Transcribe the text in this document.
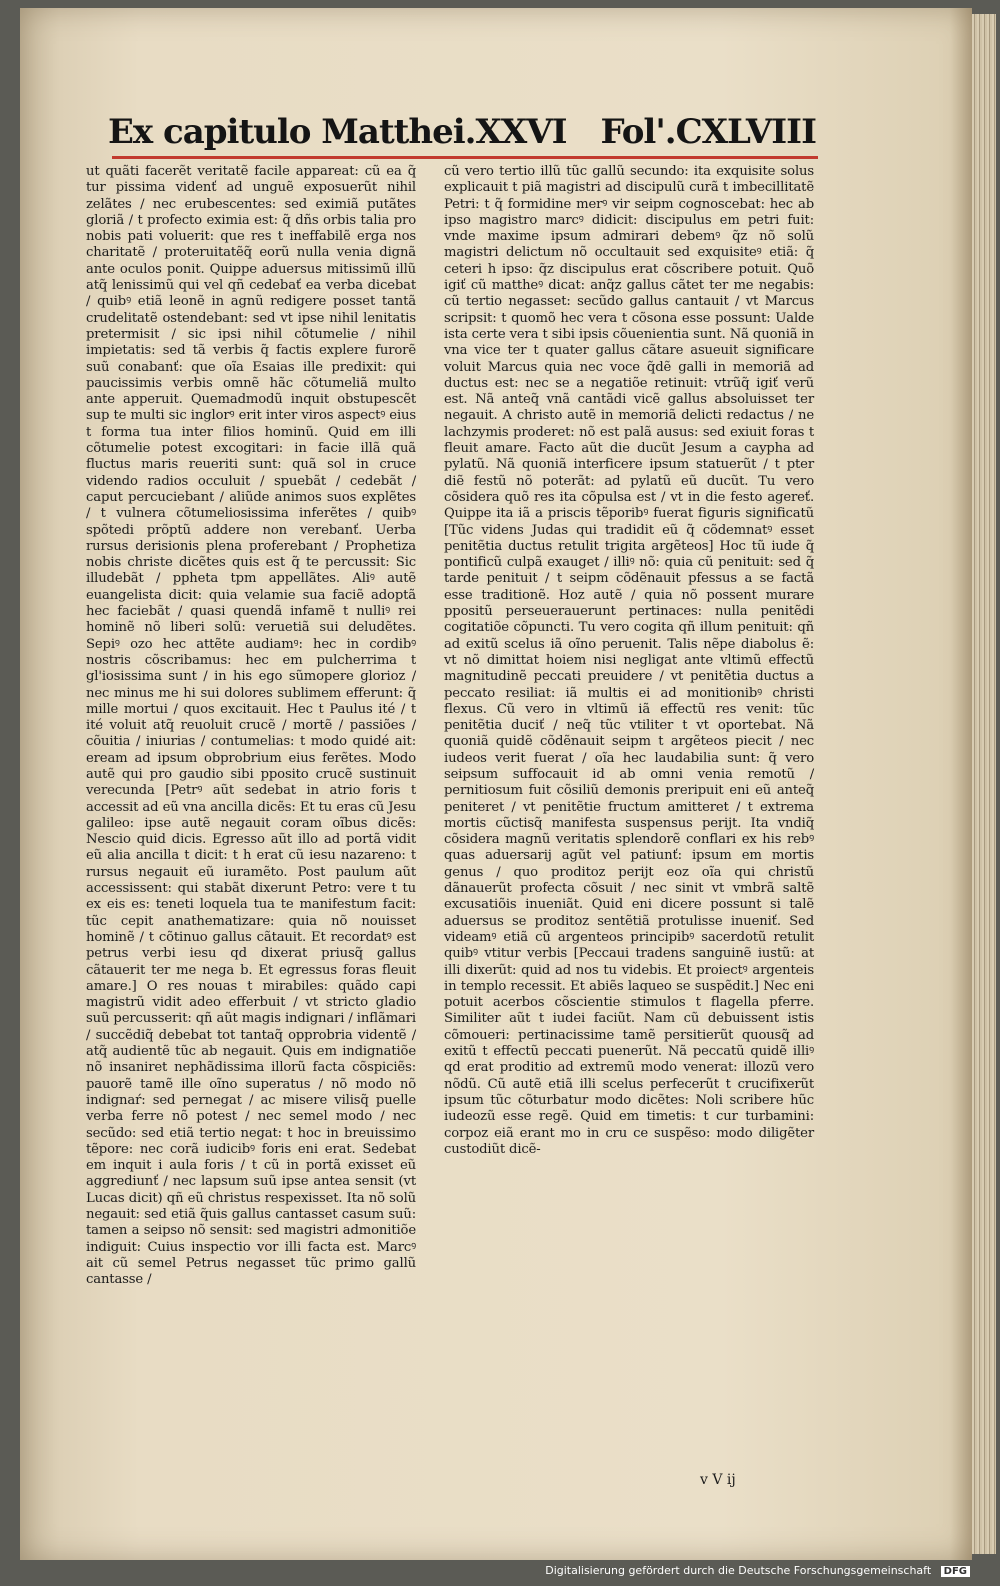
Ex capitulo Matthei.XXVI Fol'.CXLVIII
ut quãti facerẽt veritatẽ facile appareat: cũ ea q̃ tur pissima videnť ad unguẽ exposuerũt nihil zelãtes / nec erubescentes: sed eximiã putãtes gloriã / t profecto eximia est: q̃ dñs orbis talia pro nobis pati voluerit: que res t ineffabilẽ erga nos charitatẽ / proteruitatẽq̃ eorũ nulla venia dignã ante oculos ponit. Quippe aduersus mitissimũ illũ atq̃ lenissimũ qui vel qñ cedebať ea verba dicebat / quibꝰ etiã leonẽ in agnũ redigere posset tantã crudelitatẽ ostendebant: sed vt ipse nihil lenitatis pretermisit / sic ipsi nihil cõtumelie / nihil impietatis: sed tã verbis q̃ factis explere furorẽ suũ conabanť: que oĩa Esaias ille predixit: qui paucissimis verbis omnẽ hãc cõtumeliã multo ante apperuit. Quemadmodũ inquit obstupescẽt sup te multi sic inglorꝰ erit inter viros aspectꝰ eius t forma tua inter filios hominũ. Quid em illi cõtumelie potest excogitari: in facie illã quã fluctus maris reueriti sunt: quã sol in cruce videndo radios occuluit / spuebãt / cedebãt / caput percuciebant / aliũde animos suos explẽtes / t vulnera cõtumeliosissima inferẽtes / quibꝰ spõtedi prõptũ addere non verebanť. Uerba rursus derisionis plena proferebant / Prophetiza nobis christe dicẽtes quis est q̃ te percussit: Sic illudebãt / ppheta tpm appellãtes. Aliꝰ autẽ euangelista dicit: quia velamie sua faciẽ adoptã hec faciebãt / quasi quendã infamẽ t nulliꝰ rei hominẽ nõ liberi solũ: veruetiã sui deludẽtes. Sepiꝰ ozo hec attẽte audiamꝰ: hec in cordibꝰ nostris cõscribamus: hec em pulcherrima t gl'iosissima sunt / in his ego sũmopere glorioz / nec minus me hi sui dolores sublimem efferunt: q̃ mille mortui / quos excitauit. Hec t Paulus ité / t ité voluit atq̃ reuoluit crucẽ / mortẽ / passiões / cõuitia / iniurias / contumelias: t modo quidé ait: eream ad ipsum obprobrium eius ferẽtes. Modo autẽ qui pro gaudio sibi pposito crucẽ sustinuit verecunda [Petrꝰ aũt sedebat in atrio foris t accessit ad eũ vna ancilla dicẽs: Et tu eras cũ Jesu galileo: ipse autẽ negauit coram oĩbus dicẽs: Nescio quid dicis. Egresso aũt illo ad portã vidit eũ alia ancilla t dicit: t h erat cũ iesu nazareno: t rursus negauit eũ iuramẽto. Post paulum aũt accessissent: qui stabãt dixerunt Petro: vere t tu ex eis es: teneti loquela tua te manifestum facit: tũc cepit anathematizare: quia nõ nouisset hominẽ / t cõtinuo gallus cãtauit. Et recordatꝰ est petrus verbi iesu qd dixerat priusq̃ gallus cãtauerit ter me nega b. Et egressus foras fleuit amare.] O res nouas t mirabiles: quãdo capi magistrũ vidit adeo efferbuit / vt stricto gladio suũ percusserit: qñ aũt magis indignari / inflãmari / succẽdiq̃ debebat tot tantaq̃ opprobria videntẽ / atq̃ audientẽ tũc ab negauit. Quis em indignatiõe nõ insaniret nephãdissima illorũ facta cõspiciẽs: pauorẽ tamẽ ille oĩno superatus / nõ modo nõ indignaŕ: sed pernegat / ac misere vilisq̃ puelle verba ferre nõ potest / nec semel modo / nec secũdo: sed etiã tertio negat: t hoc in breuissimo tẽpore: nec corã iudicibꝰ foris eni erat. Sedebat em inquit i aula foris / t cũ in portã exisset eũ aggrediunť / nec lapsum suũ ipse antea sensit (vt Lucas dicit) qñ eũ christus respexisset. Ita nõ solũ negauit: sed etiã q̃uis gallus cantasset casum suũ: tamen a seipso nõ sensit: sed magistri admonitiõe indiguit: Cuius inspectio vor illi facta est. Marcꝰ ait cũ semel Petrus negasset tũc primo gallũ cantasse /
cũ vero tertio illũ tũc gallũ secundo: ita exquisite solus explicauit t piã magistri ad discipulũ curã t imbecillitatẽ Petri: t q̃ formidine merꝰ vir seipm cognoscebat: hec ab ipso magistro marcꝰ didicit: discipulus em petri fuit: vnde maxime ipsum admirari debemꝰ q̃z nõ solũ magistri delictum nõ occultauit sed exquisiteꝰ etiã: q̃ ceteri h ipso: q̃z discipulus erat cõscribere potuit. Quõ igiť cũ mattheꝰ dicat: anq̃z gallus cãtet ter me negabis: cũ tertio negasset: secũdo gallus cantauit / vt Marcus scripsit: t quomõ hec vera t cõsona esse possunt: Ualde ista certe vera t sibi ipsis cõuenientia sunt. Nã quoniã in vna vice ter t quater gallus cãtare asueuit significare voluit Marcus quia nec voce q̃dẽ galli in memoriã ad ductus est: nec se a negatiõe retinuit: vtrũq̃ igiť verũ est. Nã anteq̃ vnã cantãdi vicẽ gallus absoluisset ter negauit. A christo autẽ in memoriã delicti redactus / ne lachzymis proderet: nõ est palã ausus: sed exiuit foras t fleuit amare. Facto aũt die ducũt Jesum a caypha ad pylatũ. Nã quoniã interficere ipsum statuerũt / t pter diẽ festũ nõ poterãt: ad pylatũ eũ ducũt. Tu vero cõsidera quõ res ita cõpulsa est / vt in die festo agereť. Quippe ita iã a priscis tẽporibꝰ fuerat figuris significatũ [Tũc videns Judas qui tradidit eũ q̃ cõdemnatꝰ esset penitẽtia ductus retulit trigita argẽteos] Hoc tũ iude q̃ pontificũ culpã exauget / illiꝰ nõ: quia cũ penituit: sed q̃ tarde penituit / t seipm cõdẽnauit pfessus a se factã esse traditionẽ. Hoz autẽ / quia nõ possent murare ppositũ perseuerauerunt pertinaces: nulla penitẽdi cogitatiõe cõpuncti. Tu vero cogita qñ illum penituit: qñ ad exitũ scelus iã oĩno peruenit. Talis nẽpe diabolus ẽ: vt nõ dimittat hoiem nisi negligat ante vltimũ effectũ magnitudinẽ peccati preuidere / vt penitẽtia ductus a peccato resiliat: iã multis ei ad monitionibꝰ christi flexus. Cũ vero in vltimũ iã effectũ res venit: tũc penitẽtia duciť / neq̃ tũc vtiliter t vt oportebat. Nã quoniã quidẽ cõdẽnauit seipm t argẽteos piecit / nec iudeos verit fuerat / oĩa hec laudabilia sunt: q̃ vero seipsum suffocauit id ab omni venia remotũ / pernitiosum fuit cõsiliũ demonis preripuit eni eũ anteq̃ peniteret / vt penitẽtie fructum amitteret / t extrema mortis cũctisq̃ manifesta suspensus perijt. Ita vndiq̃ cõsidera magnũ veritatis splendorẽ conflari ex his rebꝰ quas aduersarij agũt vel patiunť: ipsum em mortis genus / quo proditoz perijt eoz oĩa qui christũ dãnauerũt profecta cõsuit / nec sinit vt vmbrã saltẽ excusatiõis inueniãt. Quid eni dicere possunt si talẽ aduersus se proditoz sentẽtiã protulisse inueniť. Sed videamꝰ etiã cũ argenteos principibꝰ sacerdotũ retulit quibꝰ vtitur verbis [Peccaui tradens sanguinẽ iustũ: at illi dixerũt: quid ad nos tu videbis. Et proiectꝰ argenteis in templo recessit. Et abiẽs laqueo se suspẽdit.] Nec eni potuit acerbos cõscientie stimulos t flagella pferre. Similiter aũt t iudei faciũt. Nam cũ debuissent istis cõmoueri: pertinacissime tamẽ persitierũt quousq̃ ad exitũ t effectũ peccati puenerũt. Nã peccatũ quidẽ illiꝰ qd erat proditio ad extremũ modo venerat: illozũ vero nõdũ. Cũ autẽ etiã illi scelus perfecerũt t crucifixerũt ipsum tũc cõturbatur modo dicẽtes: Noli scribere hũc iudeozũ esse regẽ. Quid em timetis: t cur turbamini: corpoz eiã erant mo in cru ce suspẽso: modo diligẽter custodiũt dicẽ-
v V ij
Digitalisierung gefördert durch die Deutsche Forschungsgemeinschaft DFG
